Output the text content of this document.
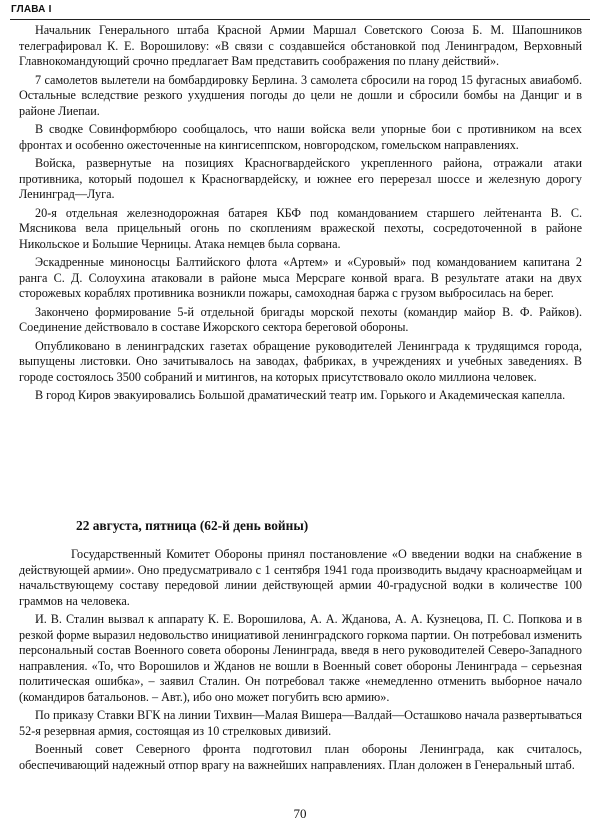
ГЛАВА I

Начальник Генерального штаба Красной Армии Маршал Советского Союза Б. М. Шапошников телеграфировал К. Е. Ворошилову: «В связи с создавшейся обстановкой под Ленинградом, Верховный Главнокомандующий срочно предлагает Вам представить соображения по плану действий».

7 самолетов вылетели на бомбардировку Берлина. 3 самолета сбросили на город 15 фугасных авиабомб. Остальные вследствие резкого ухудшения погоды до цели не дошли и сбросили бомбы на Данциг и в районе Лиепаи.

В сводке Совинформбюро сообщалось, что наши войска вели упорные бои с противником на всех фронтах и особенно ожесточенные на кингисеппском, новгородском, гомельском направлениях.

Войска, развернутые на позициях Красногвардейского укрепленного района, отражали атаки противника, который подошел к Красногвардейску, и южнее его перерезал шоссе и железную дорогу Ленинград—Луга.

20-я отдельная железнодорожная батарея КБФ под командованием старшего лейтенанта В. С. Мясникова вела прицельный огонь по скоплениям вражеской пехоты, сосредоточенной в районе Никольское и Большие Черницы. Атака немцев была сорвана.

Эскадренные миноносцы Балтийского флота «Артем» и «Суровый» под командованием капитана 2 ранга С. Д. Солоухина атаковали в районе мыса Мерсраге конвой врага. В результате атаки на двух сторожевых кораблях противника возникли пожары, самоходная баржа с грузом выбросилась на берег.

Закончено формирование 5-й отдельной бригады морской пехоты (командир майор В. Ф. Райков). Соединение действовало в составе Ижорского сектора береговой обороны.

Опубликовано в ленинградских газетах обращение руководителей Ленинграда к трудящимся города, выпущены листовки. Оно зачитывалось на заводах, фабриках, в учреждениях и учебных заведениях. В городе состоялось 3500 собраний и митингов, на которых присутствовало около миллиона человек.

В город Киров эвакуировались Большой драматический театр им. Горького и Академическая капелла.

22 августа, пятница (62-й день войны)

Государственный Комитет Обороны принял постановление «О введении водки на снабжение в действующей армии». Оно предусматривало с 1 сентября 1941 года производить выдачу красноармейцам и начальствующему составу передовой линии действующей армии 40-градусной водки в количестве 100 граммов на человека.

И. В. Сталин вызвал к аппарату К. Е. Ворошилова, А. А. Жданова, А. А. Кузнецова, П. С. Попкова и в резкой форме выразил недовольство инициативой ленинградского горкома партии. Он потребовал изменить персональный состав Военного совета обороны Ленинграда, введя в него руководителей Северо-Западного направления. «То, что Ворошилов и Жданов не вошли в Военный совет обороны Ленинграда – серьезная политическая ошибка», – заявил Сталин. Он потребовал также «немедленно отменить выборное начало (командиров батальонов. – Авт.), ибо оно может погубить всю армию».

По приказу Ставки ВГК на линии Тихвин—Малая Вишера—Валдай—Осташково начала развертываться 52-я резервная армия, состоящая из 10 стрелковых дивизий.

Военный совет Северного фронта подготовил план обороны Ленинграда, как считалось, обеспечивающий надежный отпор врагу на важнейших направлениях. План доложен в Генеральный штаб.

70
